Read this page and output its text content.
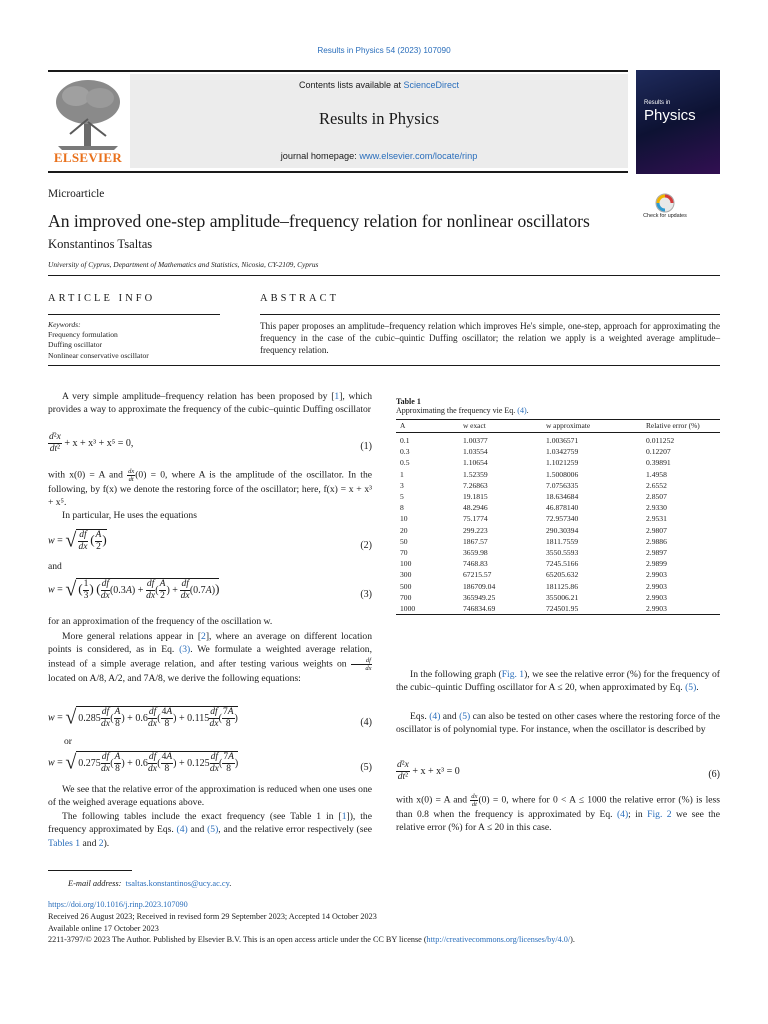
Results in Physics 54 (2023) 107090
ELSEVIER
Contents lists available at ScienceDirect
Results in Physics
journal homepage: www.elsevier.com/locate/rinp
Results in
Physics
Microarticle
An improved one-step amplitude–frequency relation for nonlinear oscillators
Konstantinos Tsaltas
University of Cyprus, Department of Mathematics and Statistics, Nicosia, CY-2109, Cyprus
Check for updates
ARTICLE INFO	ABSTRACT
Keywords:
Frequency formulation
Duffing oscillator
Nonlinear conservative oscillator
This paper proposes an amplitude–frequency relation which improves He's simple, one-step, approach for approximating the frequency in the case of the cubic–quintic Duffing oscillator; the relation we apply is a weighted average amplitude–frequency relation.
A very simple amplitude–frequency relation has been proposed by [1], which provides a way to approximate the frequency of the cubic–quintic Duffing oscillator
$\frac{\text{d²x}}{\text{dt²}} + x + x^3 + x^5 = 0$,	(1)
with x(0) = A and $\frac{dx}{dt} (0) = 0$, where A is the amplitude of the oscillator. In the following, by f(x) we denote the restoring force of the oscillator; here, f(x) = x + x³ + x⁵.
In particular, He uses the equations
w = √ $\frac{df}{dx}$ ( $\frac{A}{2}$ )	(2)
and
w = √ ( $\frac{1}{3}$ ) ( $\frac{df}{dx} (0.3A) + \frac{df}{dx}$ ( $\frac{A}{2}$ ) + $\frac{df}{dx} (0.7A)$)	(3)
for an approximation of the frequency of the oscillation w.
More general relations appear in [2], where an average on different location points is considered, as in Eq. (3). We formulate a weighted average relation, instead of a simple average relation, and after testing various weights on $\frac{df}{dx}$
located on A/8, A/2, and 7A/8, we derive the following equations:
w = √ $0.285 \frac{df}{dx}$ ( $\frac{A}{8}$ ) + $0.6 \frac{df}{dx}$ ( $\frac{4A}{8}$ ) + $0.115 \frac{df}{dx}$ ( $\frac{7A}{8}$ )	(4)
or
w = √ $0.275 \frac{df}{dx}$ ( $\frac{A}{8}$ ) + $0.6 \frac{df}{dx}$ ( $\frac{4A}{8}$ ) + $0.125 \frac{df}{dx}$ ( $\frac{7A}{8}$ )	(5)
We see that the relative error of the approximation is reduced when one uses one of the weighed average equations above.
The following tables include the exact frequency (see Table 1 in [1]), the frequency approximated by Eqs. (4) and (5), and the relative error respectively (see Tables 1 and 2).
Table 1
Approximating the frequency vie Eq. (4).
A	w exact	w approximate	Relative error (%)
0.1	1.00377	1.0036571	0.011252
0.3	1.03554	1.0342759	0.12207
0.5	1.10654	1.1021259	0.39891
1	1.52359	1.5008006	1.4958
3	7.26863	7.0756335	2.6552
5	19.1815	18.634684	2.8507
8	48.2946	46.878140	2.9330
10	75.1774	72.957340	2.9531
20	299.223	290.30394	2.9807
50	1867.57	1811.7559	2.9886
70	3659.98	3550.5593	2.9897
100	7468.83	7245.5166	2.9899
300	67215.57	65205.632	2.9903
500	186709.04	181125.86	2.9903
700	365949.25	355006.21	2.9903
1000	746834.69	724501.95	2.9903
In the following graph (Fig. 1), we see the relative error (%) for the frequency of the cubic–quintic Duffing oscillator for A ≤ 20, when approximated by Eq. (5).
Eqs. (4) and (5) can also be tested on other cases where the restoring force of the oscillator is of polynomial type. For instance, when the oscillator is described by
$\frac{\text{d²x}}{\text{dt²}} + x + x^3 = 0$	(6)
with x(0) = A and $\frac{dx}{dt} (0) = 0$, where for 0 < A ≤ 1000 the relative error (%) is less than 0.8 when the frequency is approximated by Eq. (4); in Fig. 2 we see the relative error (%) for A ≤ 20 in this case.
E-mail address: tsaltas.konstantinos@ucy.ac.cy.
https://doi.org/10.1016/j.rinp.2023.107090
Received 26 August 2023; Received in revised form 29 September 2023; Accepted 14 October 2023
Available online 17 October 2023
2211-3797/© 2023 The Author. Published by Elsevier B.V. This is an open access article under the CC BY license (http://creativecommons.org/licenses/by/4.0/).
